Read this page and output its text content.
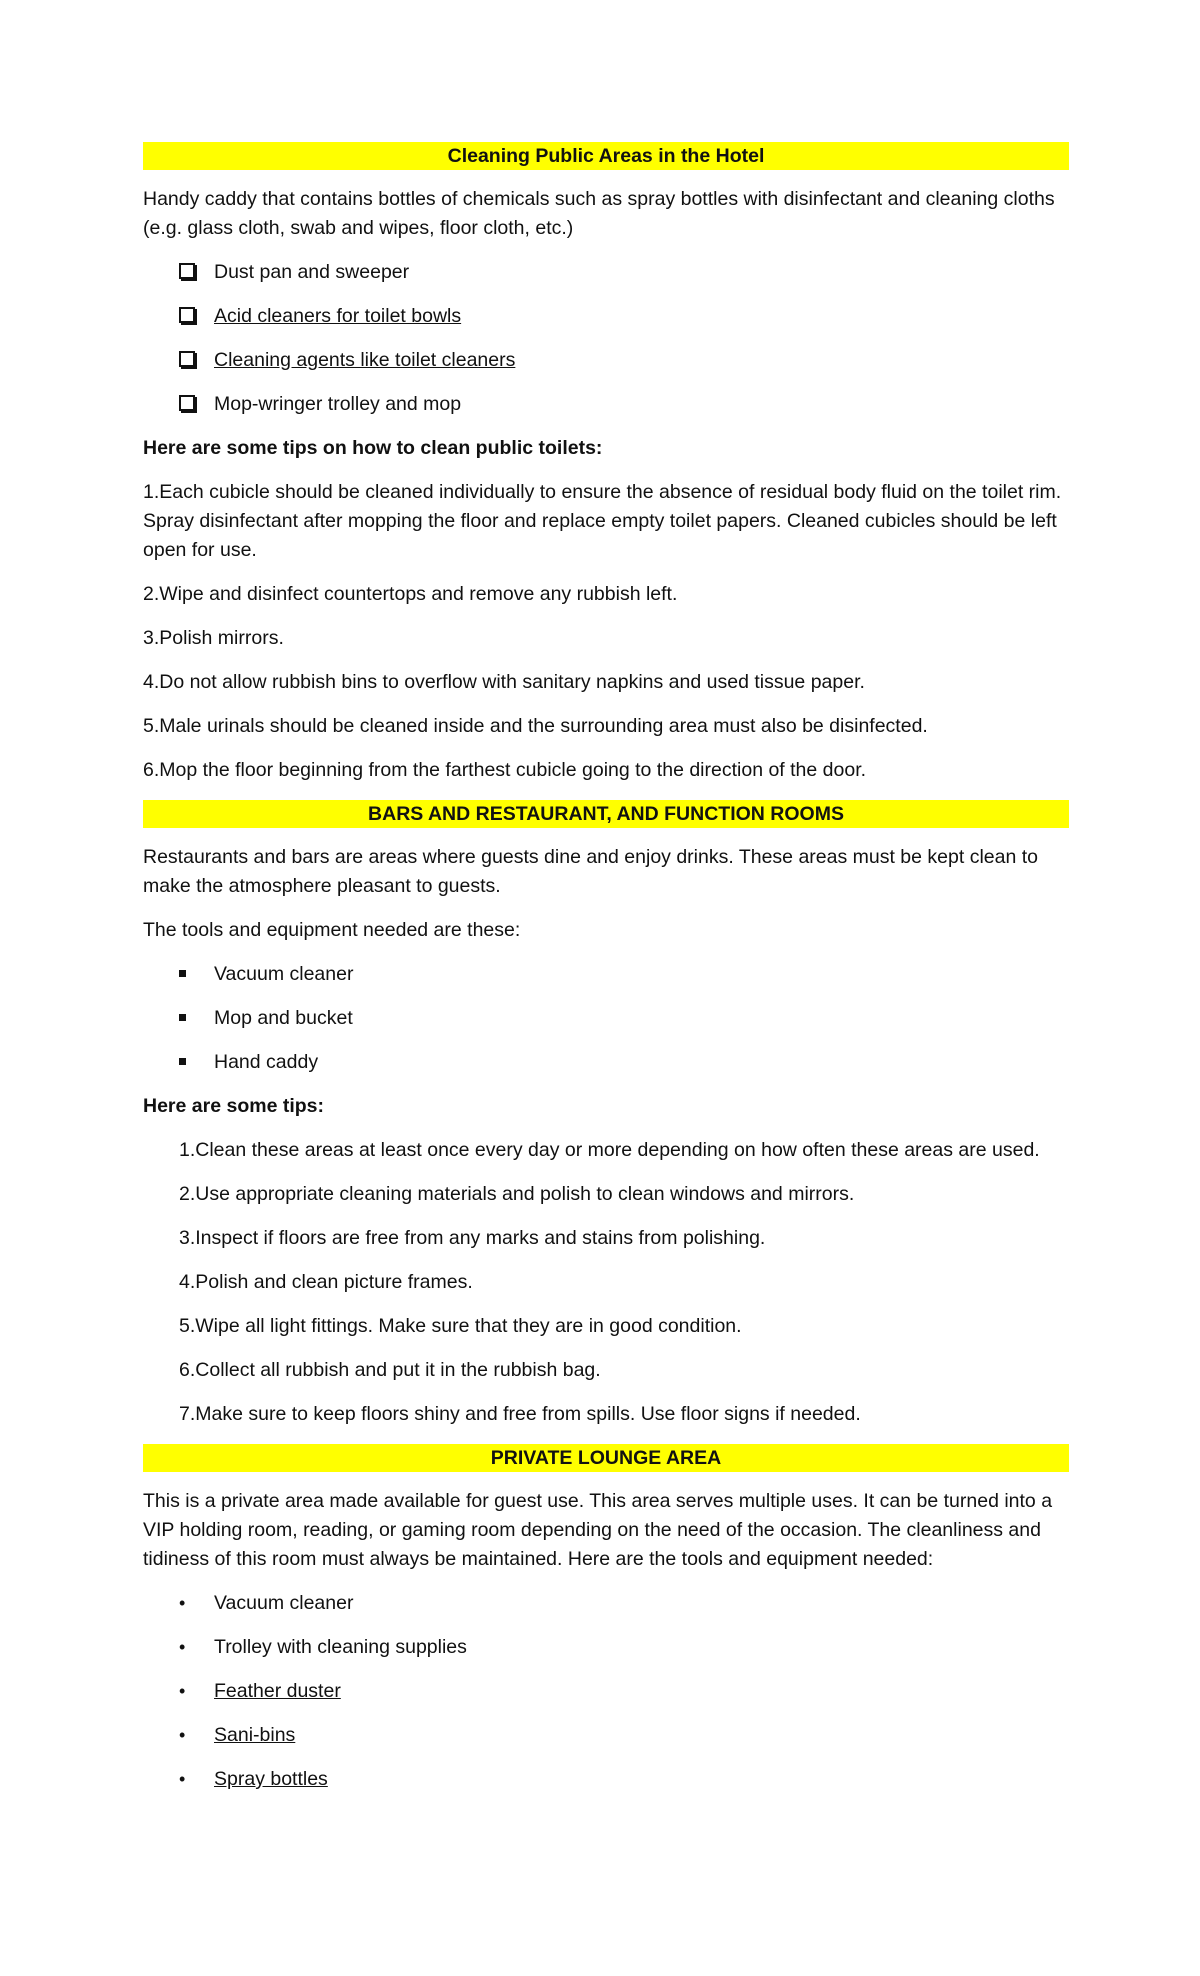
Cleaning Public Areas in the Hotel

Handy caddy that contains bottles of chemicals such as spray bottles with disinfectant and cleaning cloths (e.g. glass cloth, swab and wipes, floor cloth, etc.)

Dust pan and sweeper
Acid cleaners for toilet bowls
Cleaning agents like toilet cleaners
Mop-wringer trolley and mop

Here are some tips on how to clean public toilets:

1.Each cubicle should be cleaned individually to ensure the absence of residual body fluid on the toilet rim. Spray disinfectant after mopping the floor and replace empty toilet papers. Cleaned cubicles should be left open for use.

2.Wipe and disinfect countertops and remove any rubbish left.

3.Polish mirrors.

4.Do not allow rubbish bins to overflow with sanitary napkins and used tissue paper.

5.Male urinals should be cleaned inside and the surrounding area must also be disinfected.

6.Mop the floor beginning from the farthest cubicle going to the direction of the door.

BARS AND RESTAURANT, AND FUNCTION ROOMS

Restaurants and bars are areas where guests dine and enjoy drinks. These areas must be kept clean to make the atmosphere pleasant to guests.

The tools and equipment needed are these:

Vacuum cleaner
Mop and bucket
Hand caddy

Here are some tips:

1.Clean these areas at least once every day or more depending on how often these areas are used.

2.Use appropriate cleaning materials and polish to clean windows and mirrors.

3.Inspect if floors are free from any marks and stains from polishing.

4.Polish and clean picture frames.

5.Wipe all light fittings. Make sure that they are in good condition.

6.Collect all rubbish and put it in the rubbish bag.

7.Make sure to keep floors shiny and free from spills. Use floor signs if needed.

PRIVATE LOUNGE AREA

This is a private area made available for guest use. This area serves multiple uses. It can be turned into a VIP holding room, reading, or gaming room depending on the need of the occasion. The cleanliness and tidiness of this room must always be maintained. Here are the tools and equipment needed:

•
Vacuum cleaner
•
Trolley with cleaning supplies
•
Feather duster
•
Sani-bins
•
Spray bottles
